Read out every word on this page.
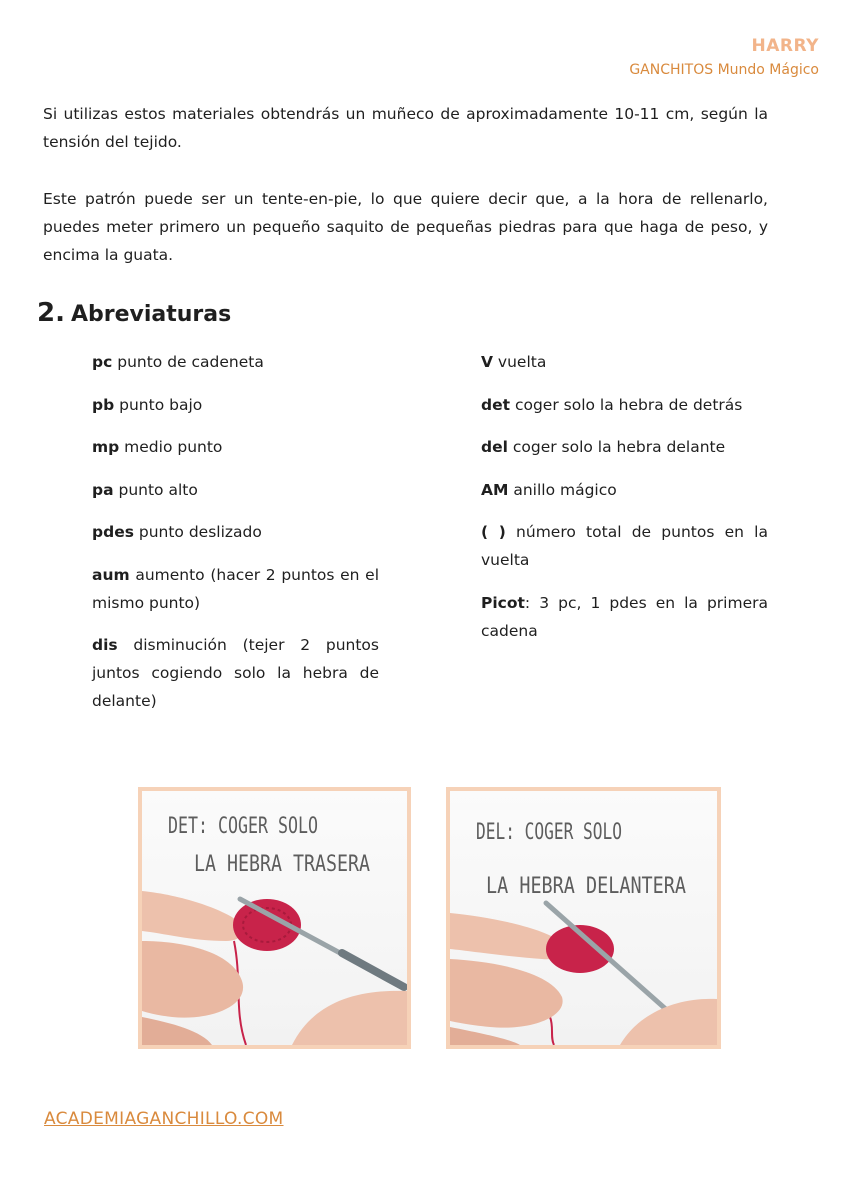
HARRY
GANCHITOS Mundo Mágico

Si utilizas estos materiales obtendrás un muñeco de aproximadamente 10-11 cm, según la tensión del tejido.

Este patrón puede ser un tente-en-pie, lo que quiere decir que, a la hora de rellenarlo, puedes meter primero un pequeño saquito de pequeñas piedras para que haga de peso, y encima la guata.

2. Abreviaturas

pc punto de cadeneta

pb punto bajo

mp medio punto

pa punto alto

pdes punto deslizado

aum aumento (hacer 2 puntos en el mismo punto)

dis disminución (tejer 2 puntos juntos cogiendo solo la hebra de delante)

V vuelta

det coger solo la hebra de detrás

del coger solo la hebra delante

AM anillo mágico

( ) número total de puntos en la vuelta

Picot: 3 pc, 1 pdes en la primera cadena

DET: COGER SOLO
LA HEBRA TRASERA
DEL: COGER SOLO
LA HEBRA DELANTERA
ACADEMIAGANCHILLO.COM
